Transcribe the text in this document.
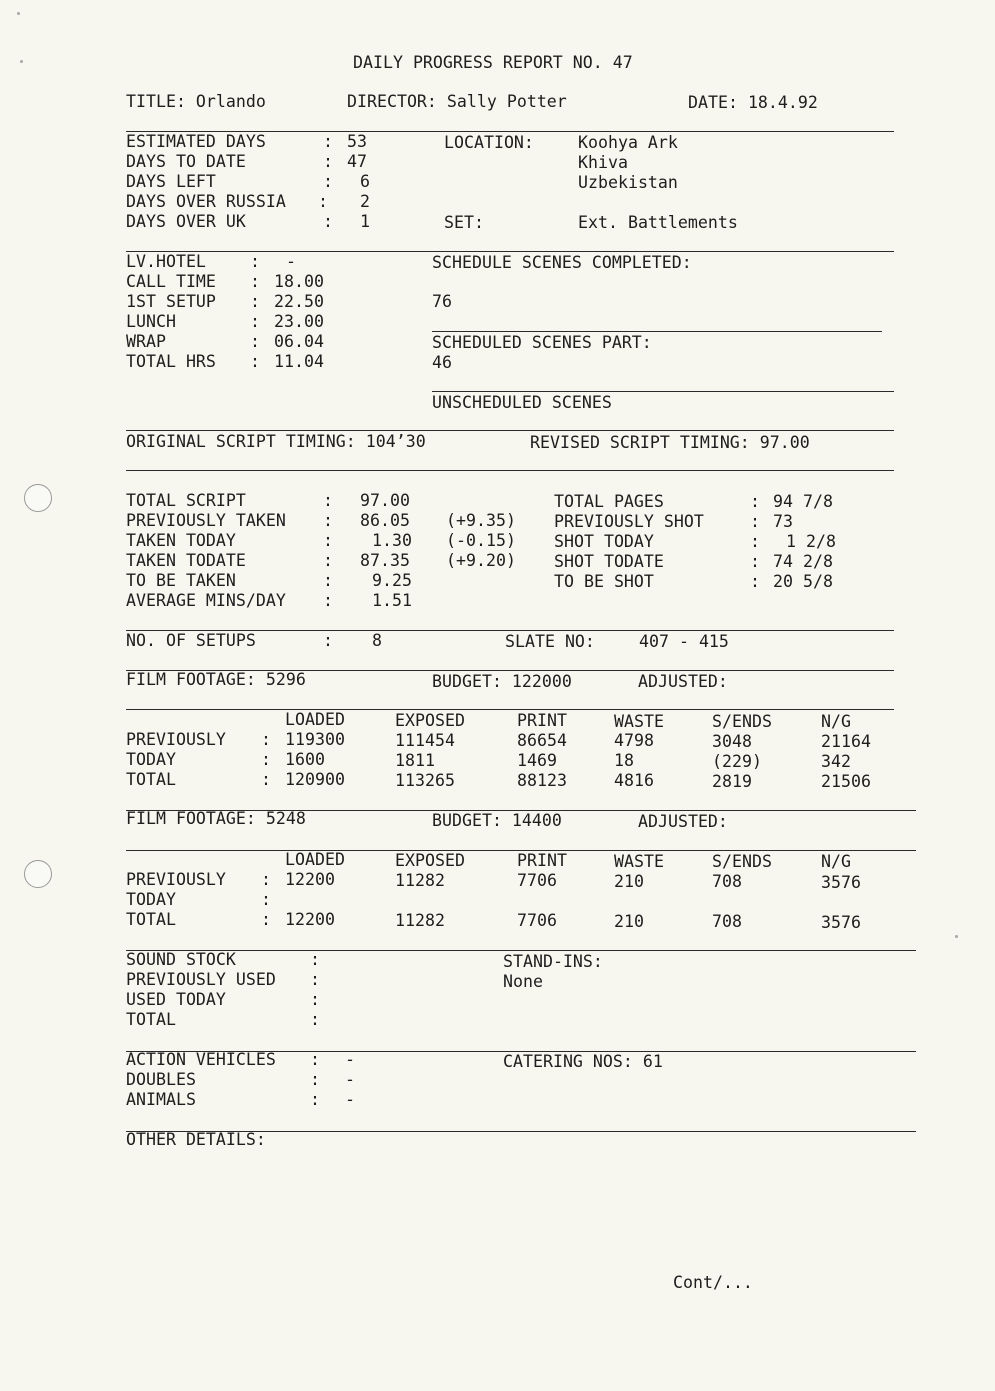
DAILY PROGRESS REPORT NO. 47
TITLE: Orlando	DIRECTOR: Sally Potter	DATE: 18.4.92
ESTIMATED DAYS	: 53
DAYS TO DATE	: 47
DAYS LEFT	: 6
DAYS OVER RUSSIA : 2
DAYS OVER UK	: 1
LOCATION:	Koohya Ark
Khiva
Uzbekistan
SET:	Ext. Battlements
LV.HOTEL	: -
CALL TIME : 18.00
1ST SETUP : 22.50
LUNCH	: 23.00
WRAP	: 06.04
TOTAL HRS : 11.04
SCHEDULE SCENES COMPLETED:
76
SCHEDULED SCENES PART:
46
UNSCHEDULED SCENES
ORIGINAL SCRIPT TIMING: 104’30	REVISED SCRIPT TIMING: 97.00
TOTAL SCRIPT	: 97.00
PREVIOUSLY TAKEN : 86.05 (+9.35)
TAKEN TODAY	: 1.30 (-0.15)
TAKEN TODATE	: 87.35 (+9.20)
TO BE TAKEN	: 9.25
AVERAGE MINS/DAY : 1.51
TOTAL PAGES	: 94 7/8
PREVIOUSLY SHOT	: 73
SHOT TODAY	: 1 2/8
SHOT TODATE	: 74 2/8
TO BE SHOT	: 20 5/8
NO. OF SETUPS	: 8	SLATE NO:	407 - 415
FILM FOOTAGE: 5296	BUDGET: 122000	ADJUSTED:
LOADED	EXPOSED	PRINT	WASTE	S/ENDS	N/G
PREVIOUSLY : 119300	111454	86654	4798	3048	21164
TODAY	: 1600	1811	1469	18	(229)	342
TOTAL	: 120900	113265	88123	4816	2819	21506
FILM FOOTAGE: 5248	BUDGET: 14400	ADJUSTED:
LOADED	EXPOSED	PRINT	WASTE	S/ENDS	N/G
PREVIOUSLY : 12200	11282	7706	210	708	3576
TODAY	:
TOTAL	: 12200	11282	7706	210	708	3576
SOUND STOCK	:
PREVIOUSLY USED :
USED TODAY	:
TOTAL	:
STAND-INS:
None
ACTION VEHICLES : -
DOUBLES	: -
ANIMALS	: -
CATERING NOS: 61
OTHER DETAILS:
Cont/...
